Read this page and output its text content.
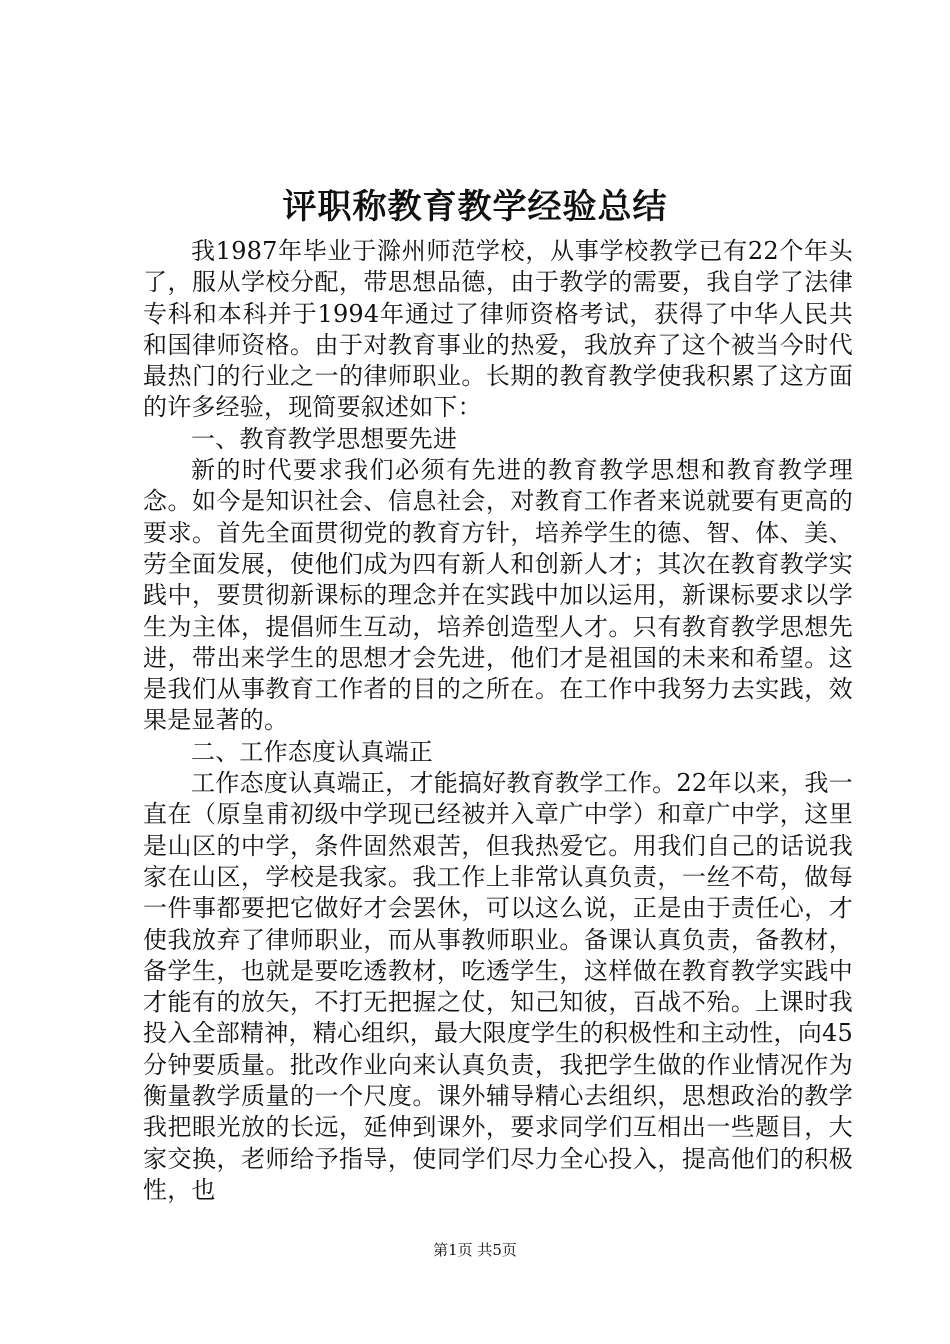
评职称教育教学经验总结

我1987年毕业于滁州师范学校，从事学校教学已有22个年头了，服从学校分配，带思想品德，由于教学的需要，我自学了法律专科和本科并于1994年通过了律师资格考试，获得了中华人民共和国律师资格。由于对教育事业的热爱，我放弃了这个被当今时代最热门的行业之一的律师职业。长期的教育教学使我积累了这方面的许多经验，现简要叙述如下：

一、教育教学思想要先进

新的时代要求我们必须有先进的教育教学思想和教育教学理念。如今是知识社会、信息社会，对教育工作者来说就要有更高的要求。首先全面贯彻党的教育方针，培养学生的德、智、体、美、劳全面发展，使他们成为四有新人和创新人才；其次在教育教学实践中，要贯彻新课标的理念并在实践中加以运用，新课标要求以学生为主体，提倡师生互动，培养创造型人才。只有教育教学思想先进，带出来学生的思想才会先进，他们才是祖国的未来和希望。这是我们从事教育工作者的目的之所在。在工作中我努力去实践，效果是显著的。

二、工作态度认真端正

工作态度认真端正，才能搞好教育教学工作。22年以来，我一直在（原皇甫初级中学现已经被并入章广中学）和章广中学，这里是山区的中学，条件固然艰苦，但我热爱它。用我们自己的话说我家在山区，学校是我家。我工作上非常认真负责，一丝不苟，做每一件事都要把它做好才会罢休，可以这么说，正是由于责任心，才使我放弃了律师职业，而从事教师职业。备课认真负责，备教材，备学生，也就是要吃透教材，吃透学生，这样做在教育教学实践中才能有的放矢，不打无把握之仗，知己知彼，百战不殆。上课时我投入全部精神，精心组织，最大限度学生的积极性和主动性，向45分钟要质量。批改作业向来认真负责，我把学生做的作业情况作为衡量教学质量的一个尺度。课外辅导精心去组织，思想政治的教学我把眼光放的长远，延伸到课外，要求同学们互相出一些题目，大家交换，老师给予指导，使同学们尽力全心投入，提高他们的积极性，也

第1页 共5页
